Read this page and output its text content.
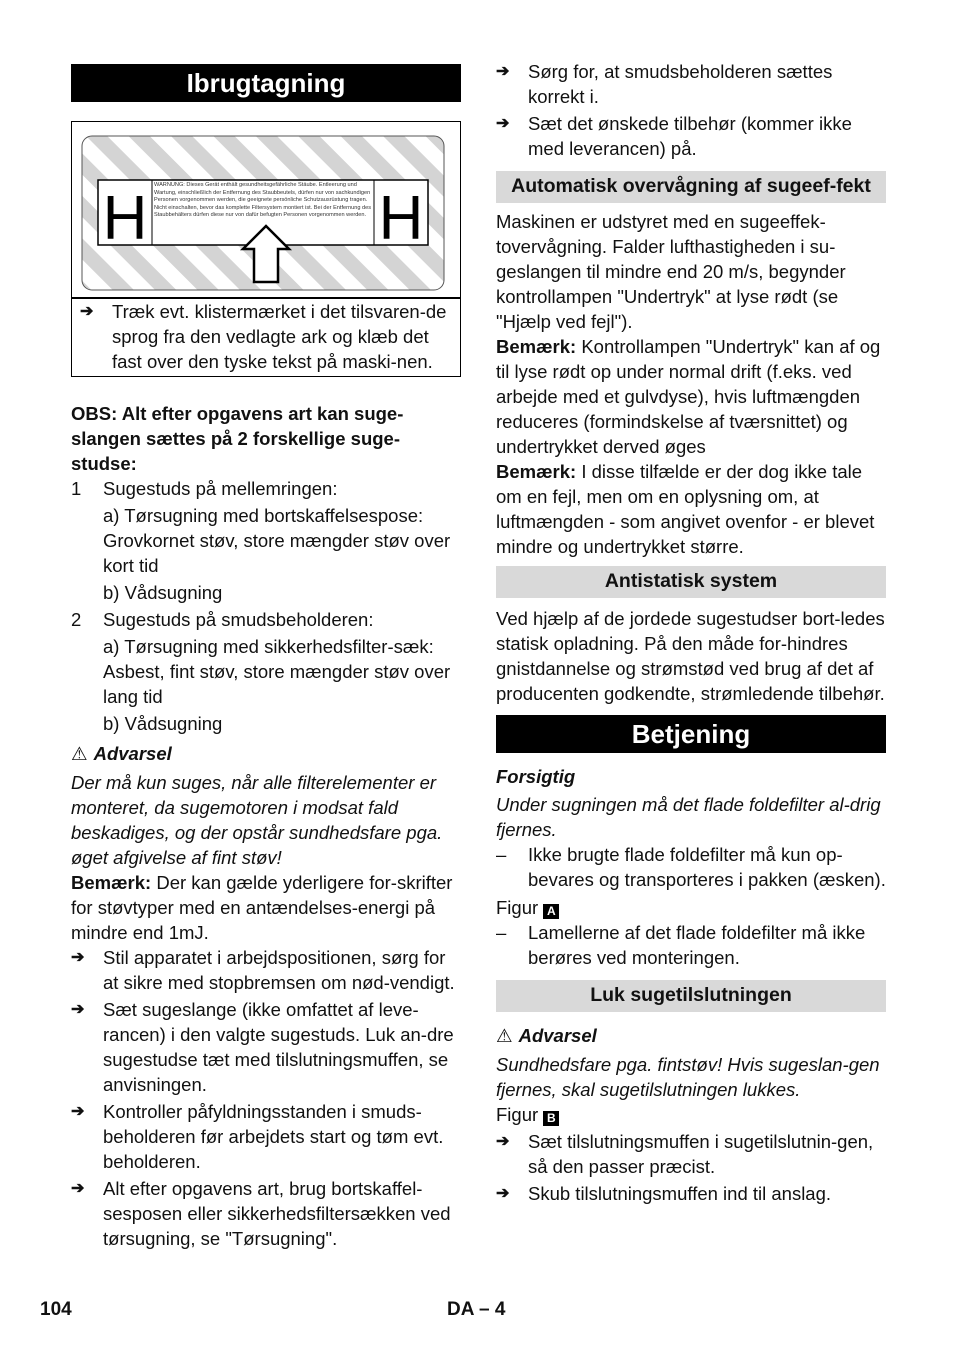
Ibrugtagning
H	H
WARNUNG: Dieses Gerät enthält gesundheitsgefährliche Stäube. Entleerung und Wartung, einschließlich der Entfernung des Staubbeutels, dürfen nur von sachkundigen Personen vorgenommen werden, die geeignete persönliche Schutzausrüstung tragen. Nicht einschalten, bevor das komplette Filtersystem montiert ist. Bei der Entfernung des Staubbehälters dürfen diese nur von dafür befugten Personen vorgenommen werden.
➔	Træk evt. klistermærket i det tilsvaren-de sprog fra den vedlagte ark og klæb det fast over den tyske tekst på maski-nen.

OBS: Alt efter opgavens art kan suge-slangen sættes på 2 forskellige suge-studse:

1	Sugestuds på mellemringen:

a) Tørsugning med bortskaffelsespose: Grovkornet støv, store mængder støv over kort tid

b) Vådsugning

2	Sugestuds på smudsbeholderen:

a) Tørsugning med sikkerhedsfilter-sæk: Asbest, fint støv, store mængder støv over lang tid

b) Vådsugning

⚠ Advarsel

Der må kun suges, når alle filterelementer er monteret, da sugemotoren i modsat fald beskadiges, og der opstår sundhedsfare pga. øget afgivelse af fint støv!

Bemærk: Der kan gælde yderligere for-skrifter for støvtyper med en antændelses-energi på mindre end 1mJ.

➔	Stil apparatet i arbejdspositionen, sørg for at sikre med stopbremsen om nød-vendigt.

➔	Sæt sugeslange (ikke omfattet af leve-rancen) i den valgte sugestuds. Luk an-dre sugestudse tæt med tilslutningsmuffen, se anvisningen.

➔	Kontroller påfyldningsstanden i smuds-beholderen før arbejdets start og tøm evt. beholderen.

➔	Alt efter opgavens art, brug bortskaffel-sesposen eller sikkerhedsfiltersækken ved tørsugning, se "Tørsugning".

➔	Sørg for, at smudsbeholderen sættes korrekt i.

➔	Sæt det ønskede tilbehør (kommer ikke med leverancen) på.

Automatisk overvågning af sugeef-fekt

Maskinen er udstyret med en sugeeffek-tovervågning. Falder lufthastigheden i su-geslangen til mindre end 20 m/s, begynder kontrollampen "Undertryk" at lyse rødt (se "Hjælp ved fejl").

Bemærk: Kontrollampen "Undertryk" kan af og til lyse rødt op under normal drift (f.eks. ved arbejde med et gulvdyse), hvis luftmængden reduceres (formindskelse af tværsnittet) og undertrykket derved øges

Bemærk: I disse tilfælde er der dog ikke tale om en fejl, men om en oplysning om, at luftmængden - som angivet ovenfor - er blevet mindre og undertrykket større.

Antistatisk system

Ved hjælp af de jordede sugestudser bort-ledes statisk opladning. På den måde for-hindres gnistdannelse og strømstød ved brug af det af producenten godkendte, strømledende tilbehør.

Betjening

Forsigtig

Under sugningen må det flade foldefilter al-drig fjernes.

–	Ikke brugte flade foldefilter må kun op-bevares og transporteres i pakken (æsken).

Figur A

–	Lamellerne af det flade foldefilter må ikke berøres ved monteringen.

Luk sugetilslutningen

⚠ Advarsel

Sundhedsfare pga. fintstøv! Hvis sugeslan-gen fjernes, skal sugetilslutningen lukkes.

Figur B

➔	Sæt tilslutningsmuffen i sugetilslutnin-gen, så den passer præcist.

➔	Skub tilslutningsmuffen ind til anslag.

104	DA – 4
